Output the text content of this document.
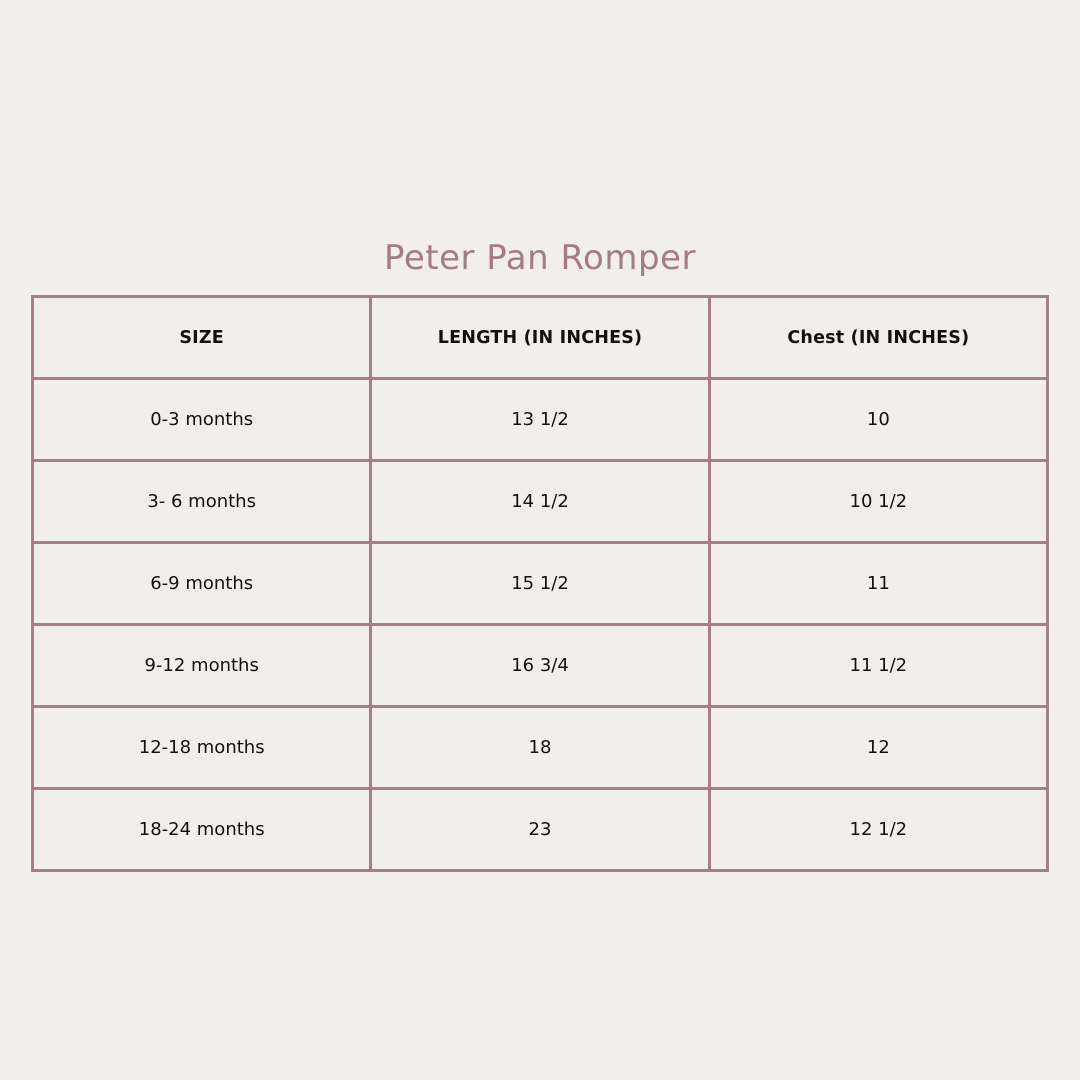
Peter Pan Romper
SIZE	LENGTH (IN INCHES)	Chest (IN INCHES)
0-3 months	13 1/2	10
3- 6 months	14 1/2	10 1/2
6-9 months	15 1/2	11
9-12 months	16 3/4	11 1/2
12-18 months	18	12
18-24 months	23	12 1/2
